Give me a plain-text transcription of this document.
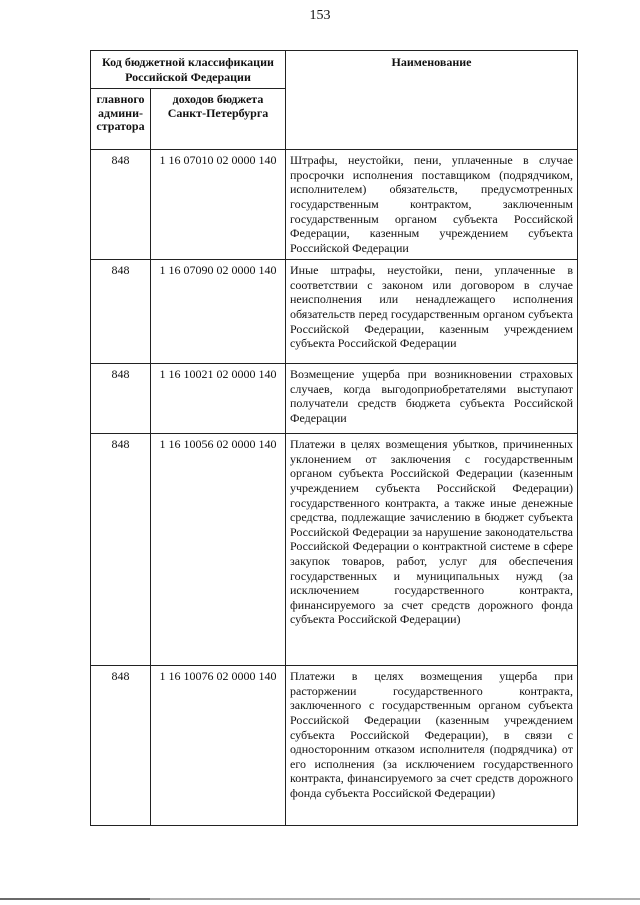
153
Код бюджетной классификации Российской Федерации		Наименование
главного админи-стратора	доходов бюджета Санкт-Петербурга	
848	1 16 07010 02 0000 140	Штрафы, неустойки, пени, уплаченные в случае просрочки исполнения поставщиком (подрядчиком, исполнителем) обязательств, предусмотренных государственным контрактом, заключенным государственным органом субъекта Российской Федерации, казенным учреждением субъекта Российской Федерации

848	1 16 07090 02 0000 140	Иные штрафы, неустойки, пени, уплаченные в соответствии с законом или договором в случае неисполнения или ненадлежащего исполнения обязательств перед государственным органом субъекта Российской Федерации, казенным учреждением субъекта Российской Федерации

848	1 16 10021 02 0000 140	Возмещение ущерба при возникновении страховых случаев, когда выгодоприобретателями выступают получатели средств бюджета субъекта Российской Федерации

848	1 16 10056 02 0000 140	Платежи в целях возмещения убытков, причиненных уклонением от заключения с государственным органом субъекта Российской Федерации (казенным учреждением субъекта Российской Федерации) государственного контракта, а также иные денежные средства, подлежащие зачислению в бюджет субъекта Российской Федерации за нарушение законодательства Российской Федерации о контрактной системе в сфере закупок товаров, работ, услуг для обеспечения государственных и муниципальных нужд (за исключением государственного контракта, финансируемого за счет средств дорожного фонда субъекта Российской Федерации)

848	1 16 10076 02 0000 140	Платежи в целях возмещения ущерба при расторжении государственного контракта, заключенного с государственным органом субъекта Российской Федерации (казенным учреждением субъекта Российской Федерации), в связи с односторонним отказом исполнителя (подрядчика) от его исполнения (за исключением государственного контракта, финансируемого за счет средств дорожного фонда субъекта Российской Федерации)
